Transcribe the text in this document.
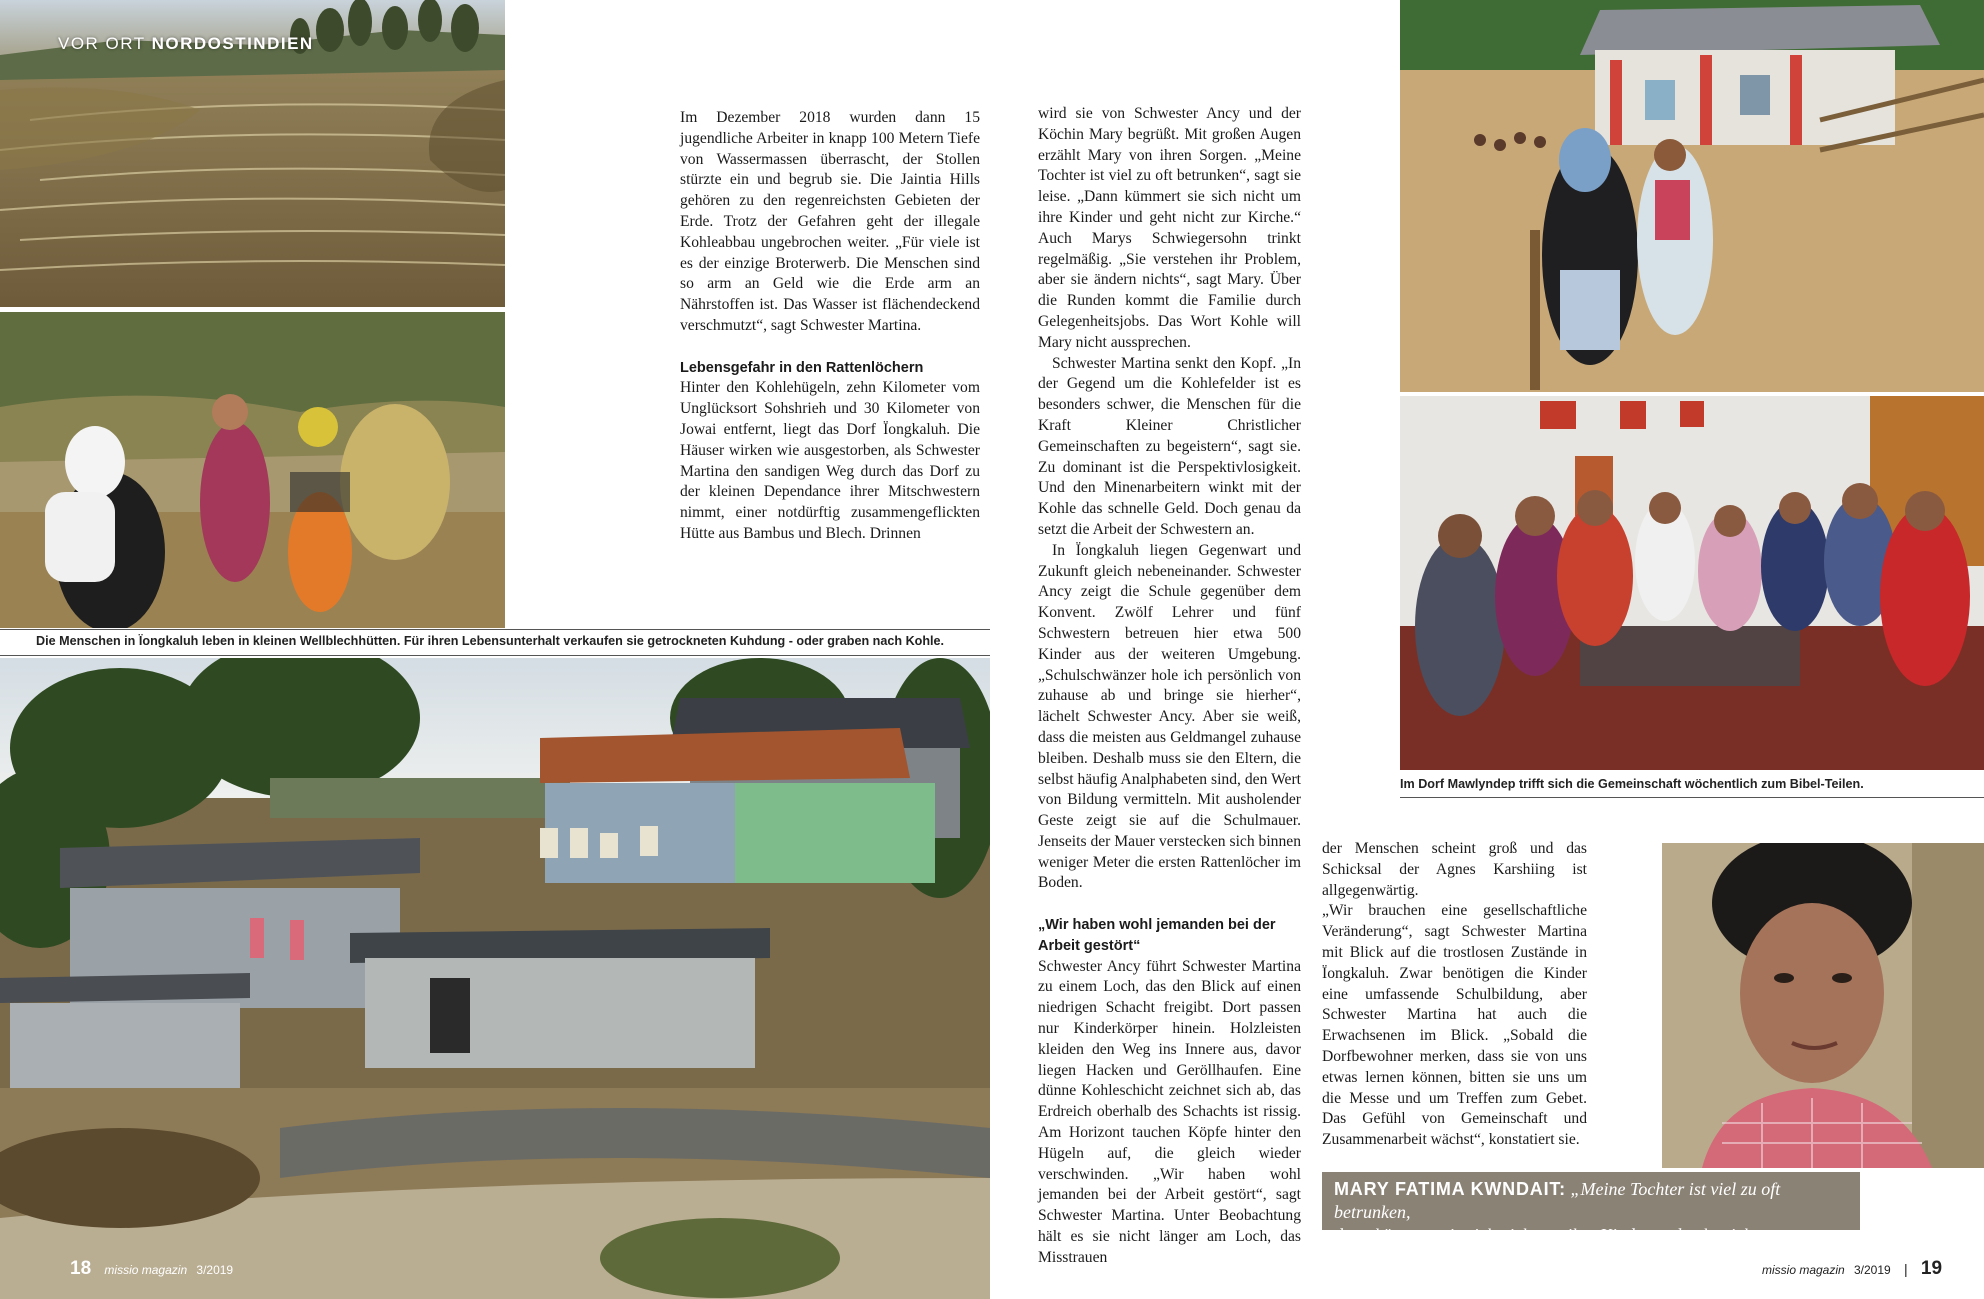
VOR ORT NORDOSTINDIEN
Die Menschen in Ïongkaluh leben in kleinen Wellblechhütten. Für ihren Lebensunterhalt verkaufen sie getrockneten Kuhdung - oder graben nach Kohle.
Im Dorf Mawlyndep trifft sich die Gemeinschaft wöchentlich zum Bibel-Teilen.
MARY FATIMA KWNDAIT: „Meine Tochter ist viel zu oft betrunken,
dann kümmert sie sich nicht um ihre Kinder und geht nicht zur Kirche.“

Im Dezember 2018 wurden dann 15 jugendliche Arbeiter in knapp 100 Metern Tiefe von Wassermassen überrascht, der Stollen stürzte ein und begrub sie. Die Jaintia Hills gehören zu den regenreichsten Gebieten der Erde. Trotz der Gefahren geht der illegale Kohleabbau ungebrochen weiter. „Für viele ist es der einzige Broterwerb. Die Menschen sind so arm an Geld wie die Erde arm an Nährstoffen ist. Das Wasser ist flächendeckend verschmutzt“, sagt Schwester Martina.

Lebensgefahr in den Rattenlöchern

Hinter den Kohlehügeln, zehn Kilometer vom Unglücksort Sohshrieh und 30 Kilometer von Jowai entfernt, liegt das Dorf Ïongkaluh. Die Häuser wirken wie ausgestorben, als Schwester Martina den sandigen Weg durch das Dorf zu der kleinen Dependance ihrer Mitschwestern nimmt, einer notdürftig zusammengeflickten Hütte aus Bambus und Blech. Drinnen

wird sie von Schwester Ancy und der Köchin Mary begrüßt. Mit großen Augen erzählt Mary von ihren Sorgen. „Meine Tochter ist viel zu oft betrunken“, sagt sie leise. „Dann kümmert sie sich nicht um ihre Kinder und geht nicht zur Kirche.“ Auch Marys Schwiegersohn trinkt regelmäßig. „Sie verstehen ihr Problem, aber sie ändern nichts“, sagt Mary. Über die Runden kommt die Familie durch Gelegenheitsjobs. Das Wort Kohle will Mary nicht aussprechen.

Schwester Martina senkt den Kopf. „In der Gegend um die Kohlefelder ist es besonders schwer, die Menschen für die Kraft Kleiner Christlicher Gemeinschaften zu begeistern“, sagt sie. Zu dominant ist die Perspektivlosigkeit. Und den Minenarbeitern winkt mit der Kohle das schnelle Geld. Doch genau da setzt die Arbeit der Schwestern an.

In Ïongkaluh liegen Gegenwart und Zukunft gleich nebeneinander. Schwester Ancy zeigt die Schule gegenüber dem Konvent. Zwölf Lehrer und fünf Schwestern betreuen hier etwa 500 Kinder aus der weiteren Umgebung. „Schulschwänzer hole ich persönlich von zuhause ab und bringe sie hierher“, lächelt Schwester Ancy. Aber sie weiß, dass die meisten aus Geldmangel zuhause bleiben. Deshalb muss sie den Eltern, die selbst häufig Analphabeten sind, den Wert von Bildung vermitteln. Mit ausholender Geste zeigt sie auf die Schulmauer. Jenseits der Mauer verstecken sich binnen weniger Meter die ersten Rattenlöcher im Boden.

„Wir haben wohl jemanden bei der Arbeit gestört“

Schwester Ancy führt Schwester Martina zu einem Loch, das den Blick auf einen niedrigen Schacht freigibt. Dort passen nur Kinderkörper hinein. Holzleisten kleiden den Weg ins Innere aus, davor liegen Hacken und Geröllhaufen. Eine dünne Kohleschicht zeichnet sich ab, das Erdreich oberhalb des Schachts ist rissig. Am Horizont tauchen Köpfe hinter den Hügeln auf, die gleich wieder verschwinden. „Wir haben wohl jemanden bei der Arbeit gestört“, sagt Schwester Martina. Unter Beobachtung hält es sie nicht länger am Loch, das Misstrauen

der Menschen scheint groß und das Schicksal der Agnes Karshiing ist allgegenwärtig.

„Wir brauchen eine gesellschaftliche Veränderung“, sagt Schwester Martina mit Blick auf die trostlosen Zustände in Ïongkaluh. Zwar benötigen die Kinder eine umfassende Schulbildung, aber Schwester Martina hat auch die Erwachsenen im Blick. „Sobald die Dorfbewohner merken, dass sie von uns etwas lernen können, bitten sie uns um die Messe und um Treffen zum Gebet. Das Gefühl von Gemeinschaft und Zusammenarbeit wächst“, konstatiert sie.

18 missio magazin 3/2019	missio magazin 3/2019 | 19
